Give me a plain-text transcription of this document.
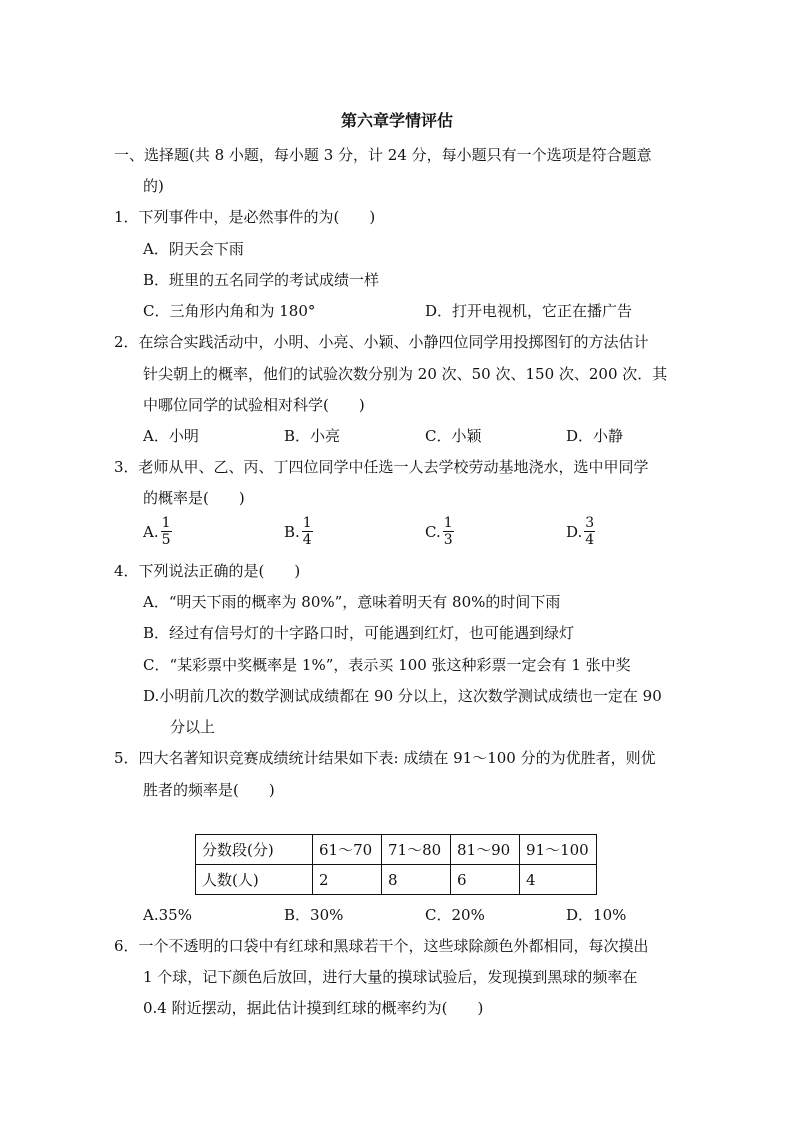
第六章学情评估
一、选择题(共 8 小题，每小题 3 分，计 24 分，每小题只有一个选项是符合题意
的)
1．下列事件中，是必然事件的为(　　)
A．阴天会下雨
B．班里的五名同学的考试成绩一样
C．三角形内角和为 180°	D．打开电视机，它正在播广告
2．在综合实践活动中，小明、小亮、小颖、小静四位同学用投掷图钉的方法估计
针尖朝上的概率，他们的试验次数分别为 20 次、50 次、150 次、200 次．其
中哪位同学的试验相对科学(　　)
A．小明	B．小亮	C．小颖	D．小静
3．老师从甲、乙、丙、丁四位同学中任选一人去学校劳动基地浇水，选中甲同学
的概率是(　　)
A. 1
5	B. 1
4	C. 1
3	D. 3
4
4．下列说法正确的是(　　)
A．“明天下雨的概率为 80%”，意味着明天有 80%的时间下雨
B．经过有信号灯的十字路口时，可能遇到红灯，也可能遇到绿灯
C．“某彩票中奖概率是 1%”，表示买 100 张这种彩票一定会有 1 张中奖
D.小明前几次的数学测试成绩都在 90 分以上，这次数学测试成绩也一定在 90
分以上
5．四大名著知识竞赛成绩统计结果如下表: 成绩在 91～100 分的为优胜者，则优
胜者的频率是(　　)
分数段(分)	61～70	71～80	81～90	91～100
人数(人)	2	8	6	4
A.35%	B．30%	C．20%	D．10%
6．一个不透明的口袋中有红球和黑球若干个，这些球除颜色外都相同，每次摸出
1 个球，记下颜色后放回，进行大量的摸球试验后，发现摸到黑球的频率在
0.4 附近摆动，据此估计摸到红球的概率约为(　　)
